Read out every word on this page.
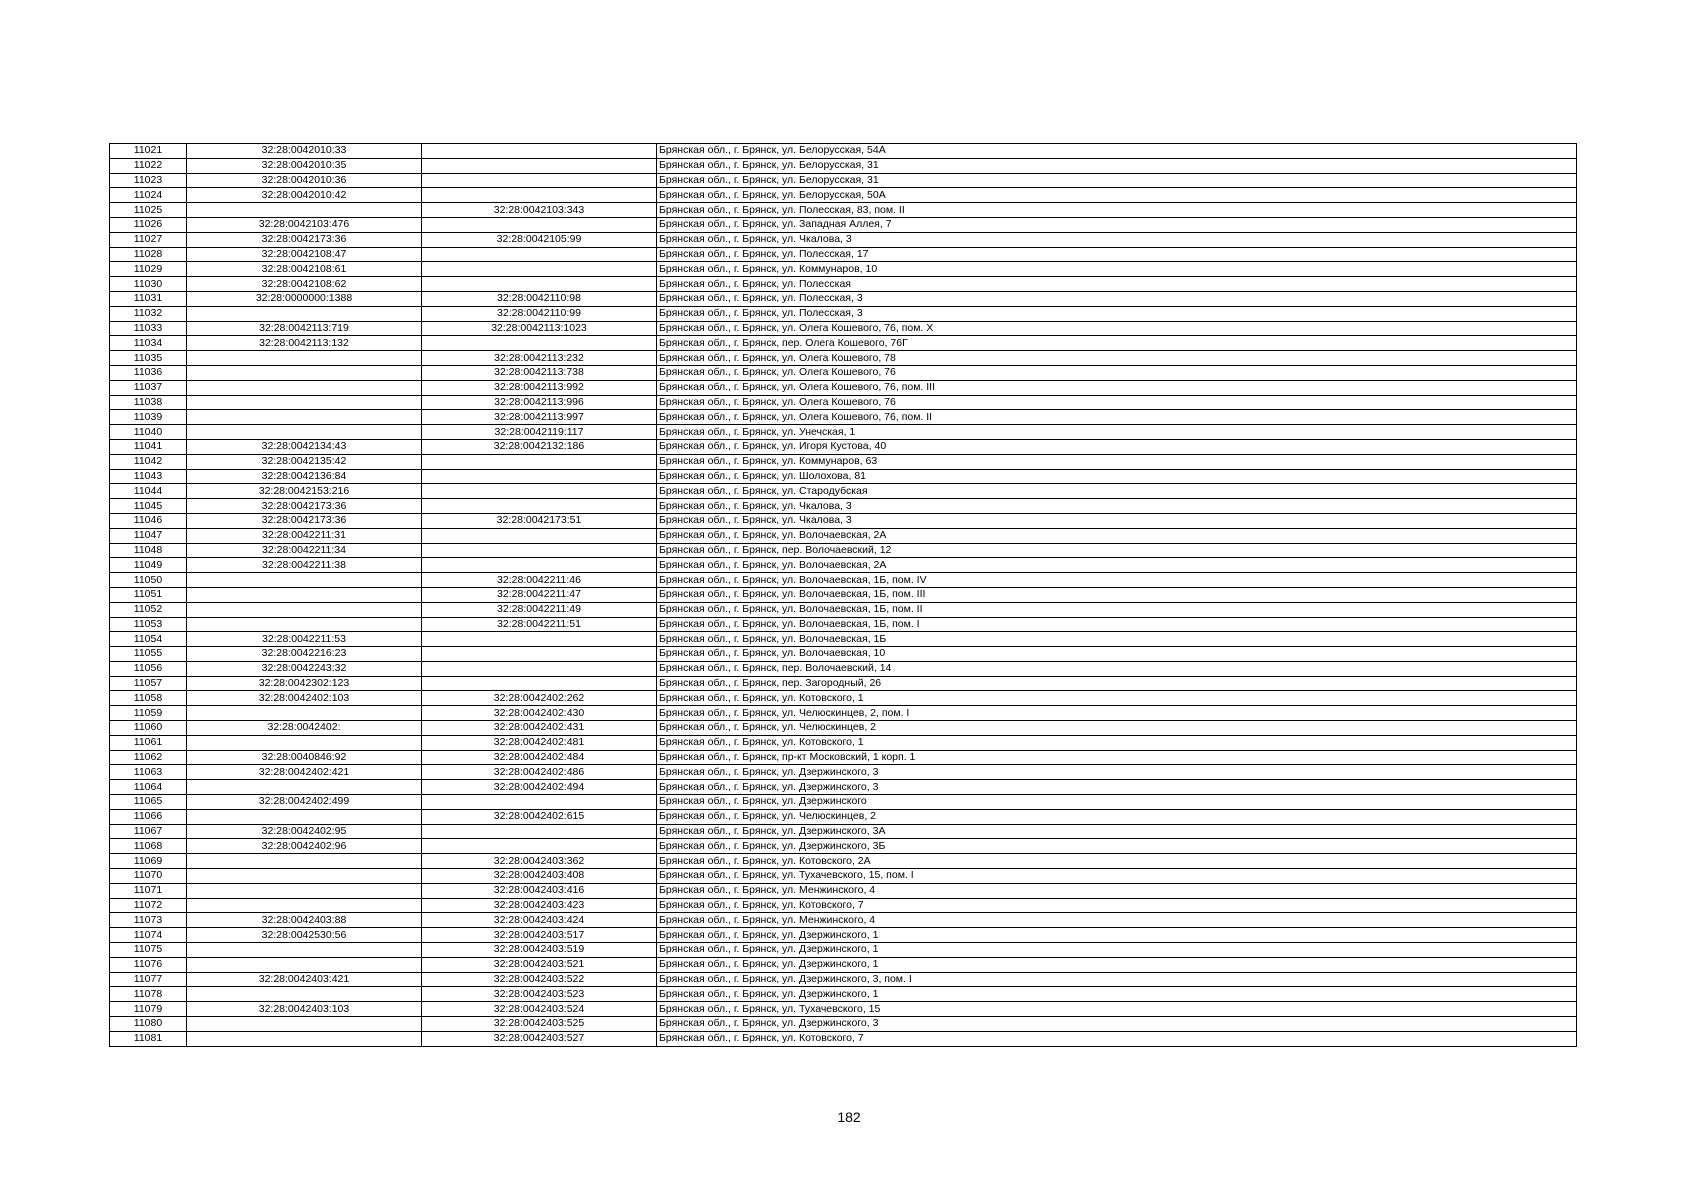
11021	32:28:0042010:33		Брянская обл., г. Брянск, ул. Белорусская, 54А
11022	32:28:0042010:35		Брянская обл., г. Брянск, ул. Белорусская, 31
11023	32:28:0042010:36		Брянская обл., г. Брянск, ул. Белорусская, 31
11024	32:28:0042010:42		Брянская обл., г. Брянск, ул. Белорусская, 50А
11025		32:28:0042103:343	Брянская обл., г. Брянск, ул. Полесская, 83, пом. II
11026	32:28:0042103:476		Брянская обл., г. Брянск, ул. Западная Аллея, 7
11027	32:28:0042173:36	32:28:0042105:99	Брянская обл., г. Брянск, ул. Чкалова, 3
11028	32:28:0042108:47		Брянская обл., г. Брянск, ул. Полесская, 17
11029	32:28:0042108:61		Брянская обл., г. Брянск, ул. Коммунаров, 10
11030	32:28:0042108:62		Брянская обл., г. Брянск, ул. Полесская
11031	32:28:0000000:1388	32:28:0042110:98	Брянская обл., г. Брянск, ул. Полесская, 3
11032		32:28:0042110:99	Брянская обл., г. Брянск, ул. Полесская, 3
11033	32:28:0042113:719	32:28:0042113:1023	Брянская обл., г. Брянск, ул. Олега Кошевого, 76, пом. X
11034	32:28:0042113:132		Брянская обл., г. Брянск, пер. Олега Кошевого, 76Г
11035		32:28:0042113:232	Брянская обл., г. Брянск, ул. Олега Кошевого, 78
11036		32:28:0042113:738	Брянская обл., г. Брянск, ул. Олега Кошевого, 76
11037		32:28:0042113:992	Брянская обл., г. Брянск, ул. Олега Кошевого, 76, пом. III
11038		32:28:0042113:996	Брянская обл., г. Брянск, ул. Олега Кошевого, 76
11039		32:28:0042113:997	Брянская обл., г. Брянск, ул. Олега Кошевого, 76, пом. II
11040		32:28:0042119:117	Брянская обл., г. Брянск, ул. Унечская, 1
11041	32:28:0042134:43	32:28:0042132:186	Брянская обл., г. Брянск, ул. Игоря Кустова, 40
11042	32:28:0042135:42		Брянская обл., г. Брянск, ул. Коммунаров, 63
11043	32:28:0042136:84		Брянская обл., г. Брянск, ул. Шолохова, 81
11044	32:28:0042153:216		Брянская обл., г. Брянск, ул. Стародубская
11045	32:28:0042173:36		Брянская обл., г. Брянск, ул. Чкалова, 3
11046	32:28:0042173:36	32:28:0042173:51	Брянская обл., г. Брянск, ул. Чкалова, 3
11047	32:28:0042211:31		Брянская обл., г. Брянск, ул. Волочаевская, 2А
11048	32:28:0042211:34		Брянская обл., г. Брянск, пер. Волочаевский, 12
11049	32:28:0042211:38		Брянская обл., г. Брянск, ул. Волочаевская, 2А
11050		32:28:0042211:46	Брянская обл., г. Брянск, ул. Волочаевская, 1Б, пом. IV
11051		32:28:0042211:47	Брянская обл., г. Брянск, ул. Волочаевская, 1Б, пом. III
11052		32:28:0042211:49	Брянская обл., г. Брянск, ул. Волочаевская, 1Б, пом. II
11053		32:28:0042211:51	Брянская обл., г. Брянск, ул. Волочаевская, 1Б, пом. I
11054	32:28:0042211:53		Брянская обл., г. Брянск, ул. Волочаевская, 1Б
11055	32:28:0042216:23		Брянская обл., г. Брянск, ул. Волочаевская, 10
11056	32:28:0042243:32		Брянская обл., г. Брянск, пер. Волочаевский, 14
11057	32:28:0042302:123		Брянская обл., г. Брянск, пер. Загородный, 26
11058	32:28:0042402:103	32:28:0042402:262	Брянская обл., г. Брянск, ул. Котовского, 1
11059		32:28:0042402:430	Брянская обл., г. Брянск, ул. Челюскинцев, 2, пом. I
11060	32:28:0042402:	32:28:0042402:431	Брянская обл., г. Брянск, ул. Челюскинцев, 2
11061		32:28:0042402:481	Брянская обл., г. Брянск, ул. Котовского, 1
11062	32:28:0040846:92	32:28:0042402:484	Брянская обл., г. Брянск, пр-кт Московский, 1 корп. 1
11063	32:28:0042402:421	32:28:0042402:486	Брянская обл., г. Брянск, ул. Дзержинского, 3
11064		32:28:0042402:494	Брянская обл., г. Брянск, ул. Дзержинского, 3
11065	32:28:0042402:499		Брянская обл., г. Брянск, ул. Дзержинского
11066		32:28:0042402:615	Брянская обл., г. Брянск, ул. Челюскинцев, 2
11067	32:28:0042402:95		Брянская обл., г. Брянск, ул. Дзержинского, 3А
11068	32:28:0042402:96		Брянская обл., г. Брянск, ул. Дзержинского, 3Б
11069		32:28:0042403:362	Брянская обл., г. Брянск, ул. Котовского, 2А
11070		32:28:0042403:408	Брянская обл., г. Брянск, ул. Тухачевского, 15, пом. I
11071		32:28:0042403:416	Брянская обл., г. Брянск, ул. Менжинского, 4
11072		32:28:0042403:423	Брянская обл., г. Брянск, ул. Котовского, 7
11073	32:28:0042403:88	32:28:0042403:424	Брянская обл., г. Брянск, ул. Менжинского, 4
11074	32:28:0042530:56	32:28:0042403:517	Брянская обл., г. Брянск, ул. Дзержинского, 1
11075		32:28:0042403:519	Брянская обл., г. Брянск, ул. Дзержинского, 1
11076		32:28:0042403:521	Брянская обл., г. Брянск, ул. Дзержинского, 1
11077	32:28:0042403:421	32:28:0042403:522	Брянская обл., г. Брянск, ул. Дзержинского, 3, пом. I
11078		32:28:0042403:523	Брянская обл., г. Брянск, ул. Дзержинского, 1
11079	32:28:0042403:103	32:28:0042403:524	Брянская обл., г. Брянск, ул. Тухачевского, 15
11080		32:28:0042403:525	Брянская обл., г. Брянск, ул. Дзержинского, 3
11081		32:28:0042403:527	Брянская обл., г. Брянск, ул. Котовского, 7
182
